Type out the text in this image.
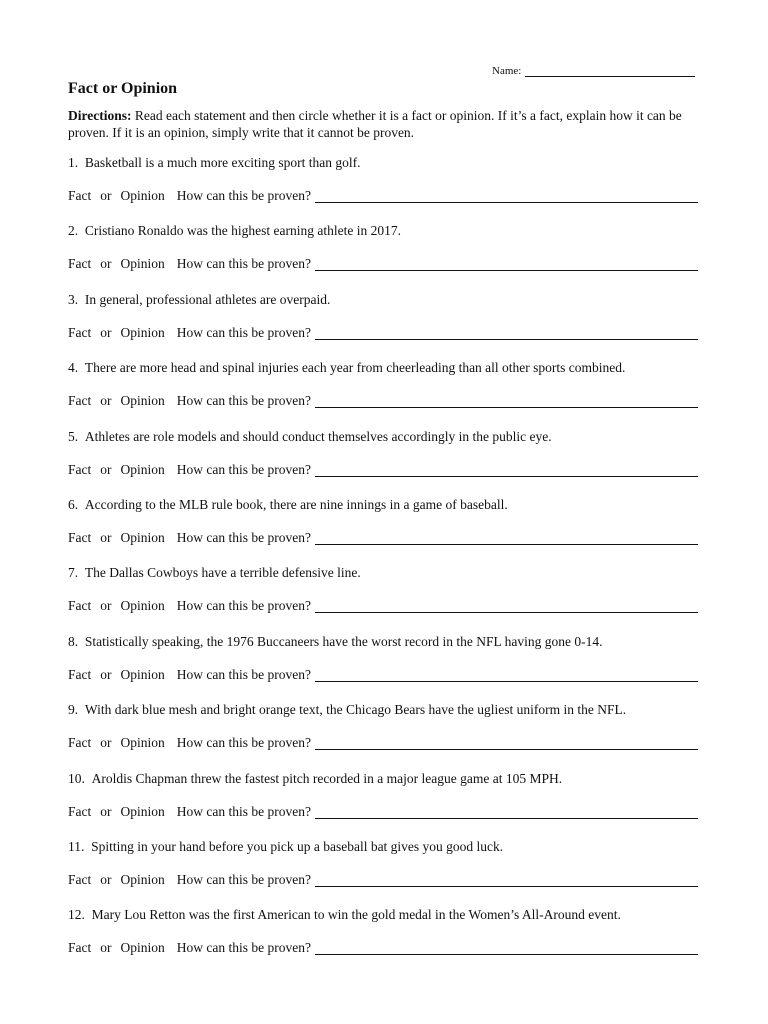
Name:
Fact or Opinion
Directions: Read each statement and then circle whether it is a fact or opinion. If it’s a fact, explain how it can be proven. If it is an opinion, simply write that it cannot be proven.
1. Basketball is a much more exciting sport than golf.
Fact or Opinion How can this be proven?
2. Cristiano Ronaldo was the highest earning athlete in 2017.
Fact or Opinion How can this be proven?
3. In general, professional athletes are overpaid.
Fact or Opinion How can this be proven?
4. There are more head and spinal injuries each year from cheerleading than all other sports combined.
Fact or Opinion How can this be proven?
5. Athletes are role models and should conduct themselves accordingly in the public eye.
Fact or Opinion How can this be proven?
6. According to the MLB rule book, there are nine innings in a game of baseball.
Fact or Opinion How can this be proven?
7. The Dallas Cowboys have a terrible defensive line.
Fact or Opinion How can this be proven?
8. Statistically speaking, the 1976 Buccaneers have the worst record in the NFL having gone 0-14.
Fact or Opinion How can this be proven?
9. With dark blue mesh and bright orange text, the Chicago Bears have the ugliest uniform in the NFL.
Fact or Opinion How can this be proven?
10. Aroldis Chapman threw the fastest pitch recorded in a major league game at 105 MPH.
Fact or Opinion How can this be proven?
11. Spitting in your hand before you pick up a baseball bat gives you good luck.
Fact or Opinion How can this be proven?
12. Mary Lou Retton was the first American to win the gold medal in the Women’s All-Around event.
Fact or Opinion How can this be proven?
